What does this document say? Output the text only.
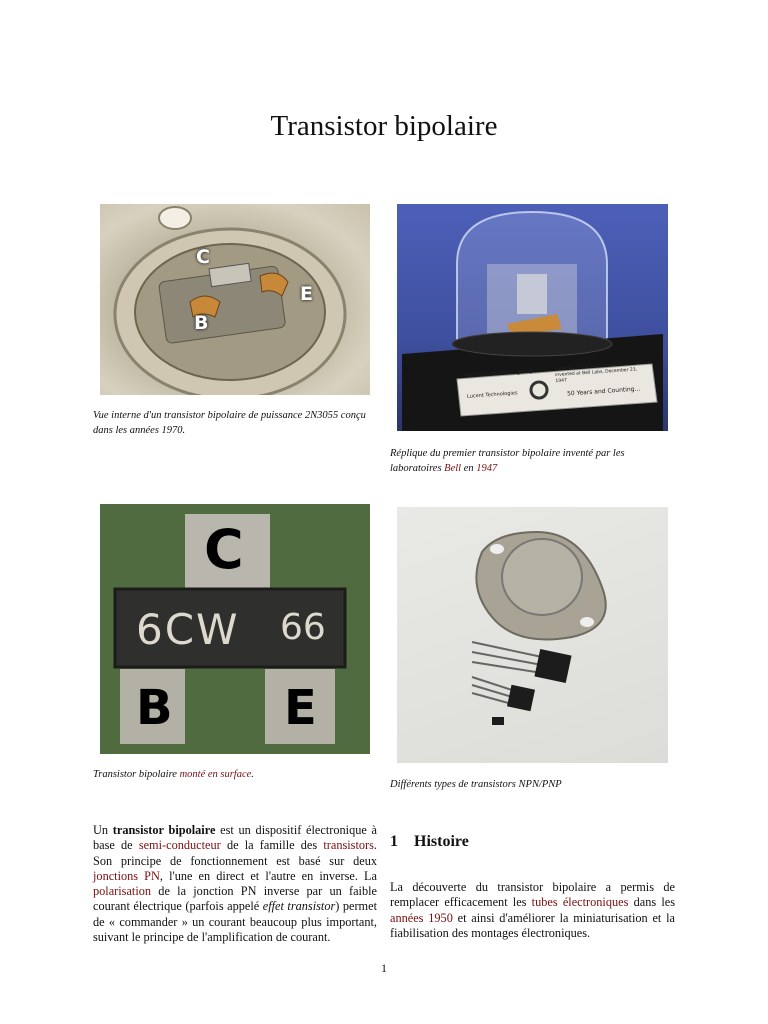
Transistor bipolaire
C
E
B
Vue interne d'un transistor bipolaire de puissance 2N3055 conçu dans les années 1970.
microelectronics group
Lucent Technologies
A replica of the first transistor, invented at Bell Labs, December 23, 1947
50 Years and Counting...
Réplique du premier transistor bipolaire inventé par les laboratoires Bell en 1947
C
6CW 66
B E
Transistor bipolaire monté en surface.
Différents types de transistors NPN/PNP
Un transistor bipolaire est un dispositif électronique à base de semi-conducteur de la famille des transistors. Son principe de fonctionnement est basé sur deux jonctions PN, l'une en direct et l'autre en inverse. La polarisation de la jonction PN inverse par un faible courant électrique (parfois appelé effet transistor) permet de « commander » un courant beaucoup plus important, suivant le principe de l'amplification de courant.
1 Histoire
La découverte du transistor bipolaire a permis de remplacer efficacement les tubes électroniques dans les années 1950 et ainsi d'améliorer la miniaturisation et la fiabilisation des montages électroniques.
1
